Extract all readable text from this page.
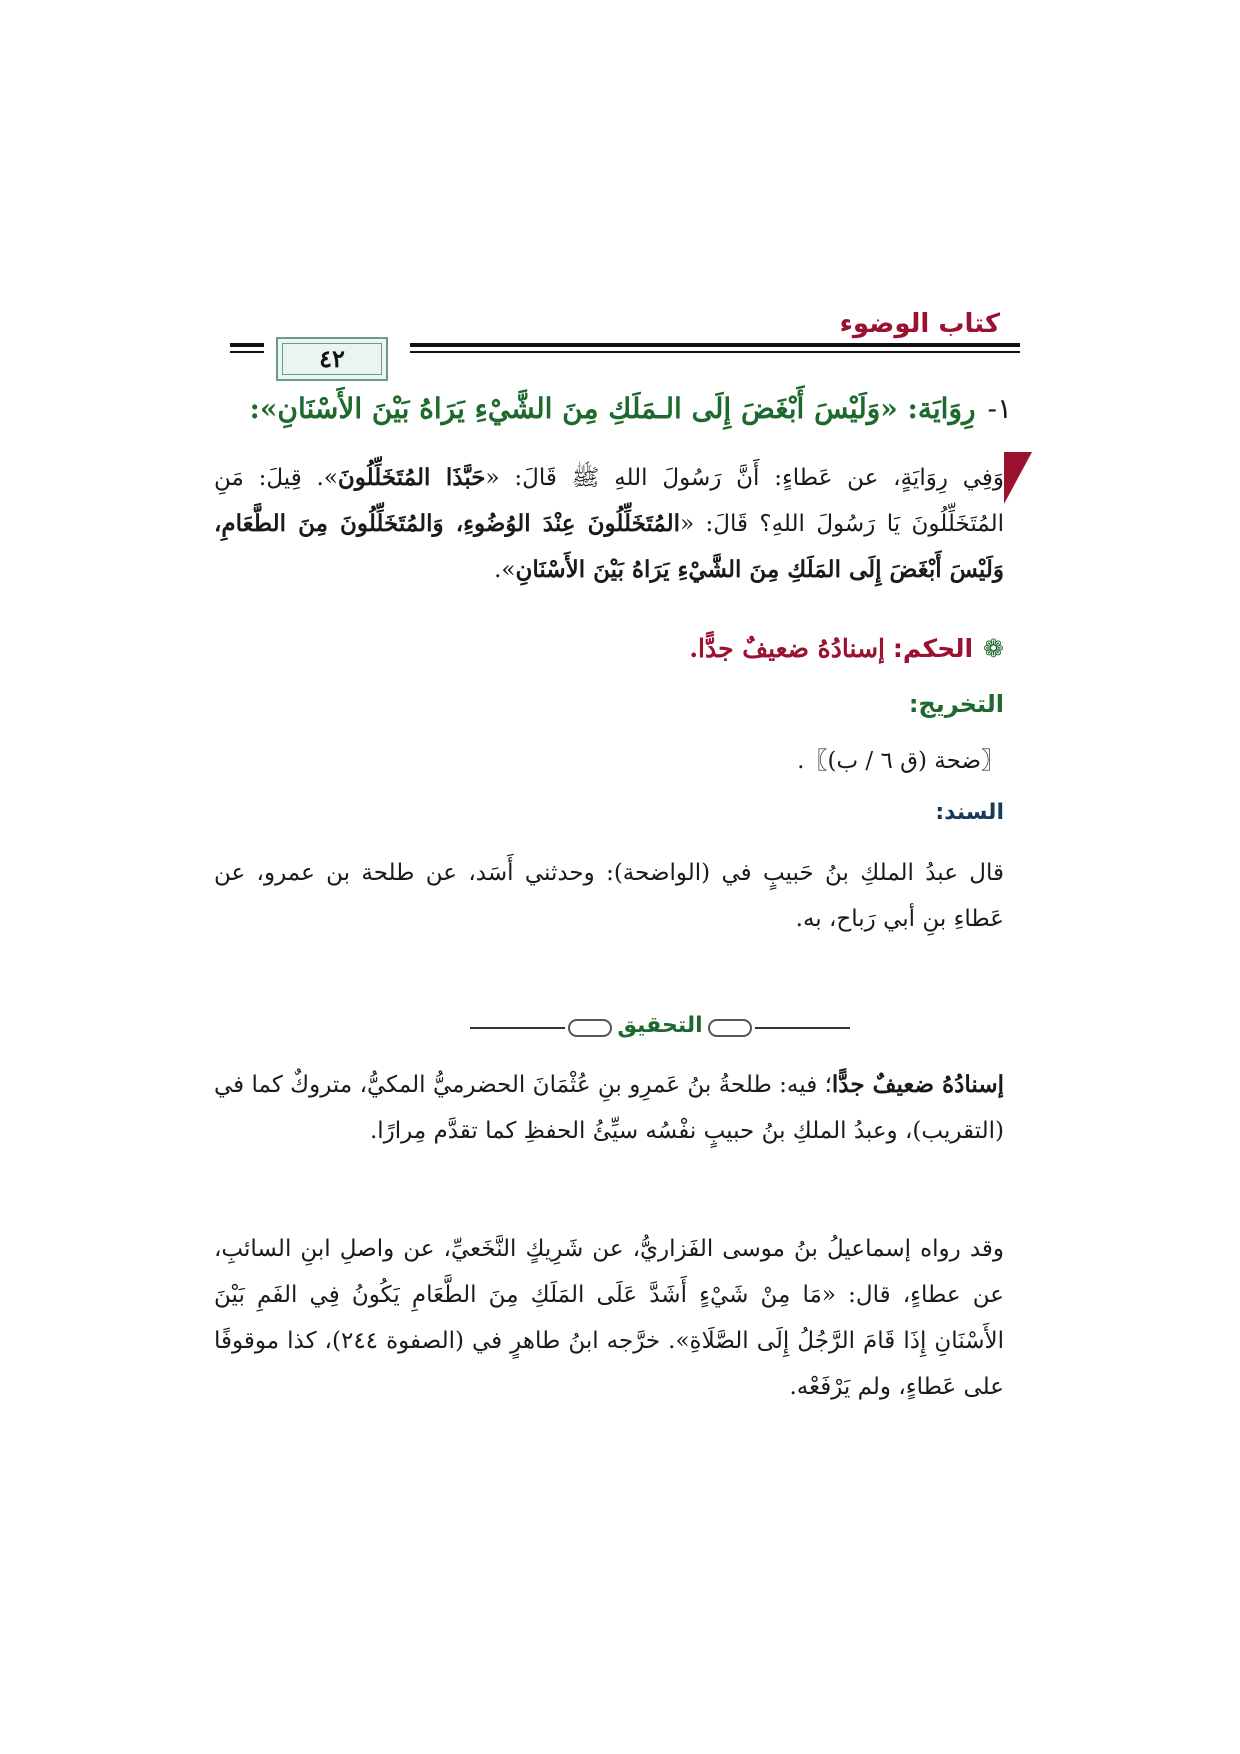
كتاب الوضوء
٤٢
١-رِوَايَة: «وَلَيْسَ أَبْغَضَ إِلَى الـمَلَكِ مِنَ الشَّيْءِ يَرَاهُ بَيْنَ الأَسْنَانِ»:
وَفِي رِوَايَةٍ، عن عَطاءٍ: أَنَّ رَسُولَ اللهِ ﷺ قَالَ: «حَبَّذَا المُتَخَلِّلُونَ». قِيلَ: مَنِ المُتَخَلِّلُونَ يَا رَسُولَ اللهِ؟ قَالَ: «المُتَخَلِّلُونَ عِنْدَ الوُضُوءِ، وَالمُتَخَلِّلُونَ مِنَ الطَّعَامِ، وَلَيْسَ أَبْغَضَ إِلَى المَلَكِ مِنَ الشَّيْءِ يَرَاهُ بَيْنَ الأَسْنَانِ».
❁الحكم: إسنادُهُ ضعيفٌ جدًّا.
التخريج:
〖ضحة (ق ٦ / ب)〗.
السند:
قال عبدُ الملكِ بنُ حَبيبٍ في (الواضحة): وحدثني أَسَد، عن طلحة بن عمرو، عن عَطاءِ بنِ أبي رَباح، به.
التحقيق
إسنادُهُ ضعيفٌ جدًّا؛ فيه: طلحةُ بنُ عَمرِو بنِ عُثْمَانَ الحضرميُّ المكيُّ، متروكٌ كما في (التقريب)، وعبدُ الملكِ بنُ حبيبٍ نفْسُه سيِّئُ الحفظِ كما تقدَّم مِرارًا.
وقد رواه إسماعيلُ بنُ موسى الفَزاريُّ، عن شَرِيكٍ النَّخَعيِّ، عن واصلِ ابنِ السائبِ، عن عطاءٍ، قال: «مَا مِنْ شَيْءٍ أَشَدَّ عَلَى المَلَكِ مِنَ الطَّعَامِ يَكُونُ فِي الفَمِ بَيْنَ الأَسْنَانِ إِذَا قَامَ الرَّجُلُ إِلَى الصَّلَاةِ». خرَّجه ابنُ طاهرٍ في (الصفوة ٢٤٤)، كذا موقوفًا على عَطاءٍ، ولم يَرْفَعْه.
